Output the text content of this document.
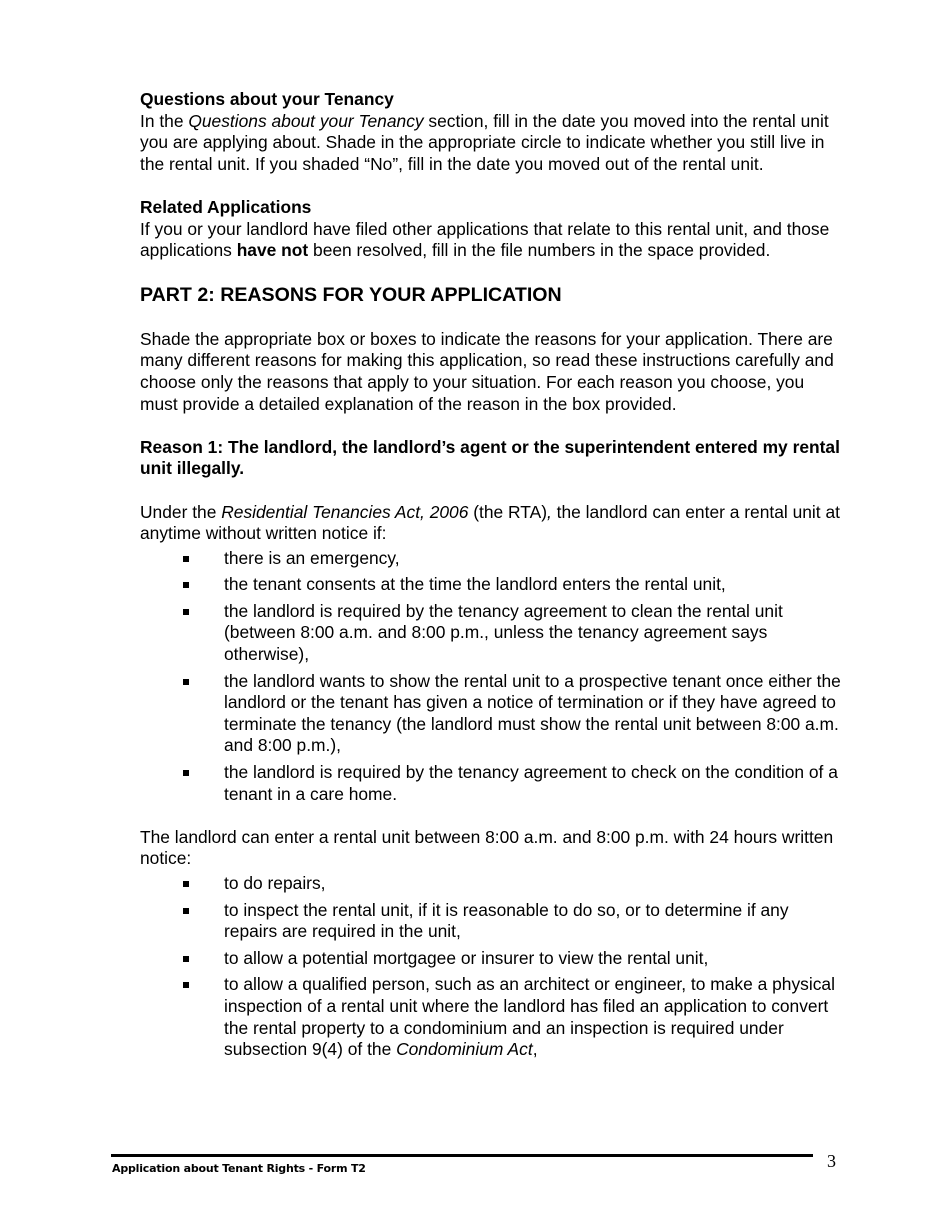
Questions about your Tenancy

In the Questions about your Tenancy section, fill in the date you moved into the rental unit you are applying about. Shade in the appropriate circle to indicate whether you still live in the rental unit. If you shaded “No”, fill in the date you moved out of the rental unit.

Related Applications

If you or your landlord have filed other applications that relate to this rental unit, and those applications have not been resolved, fill in the file numbers in the space provided.

PART 2: REASONS FOR YOUR APPLICATION

Shade the appropriate box or boxes to indicate the reasons for your application. There are many different reasons for making this application, so read these instructions carefully and choose only the reasons that apply to your situation. For each reason you choose, you must provide a detailed explanation of the reason in the box provided.

Reason 1: The landlord, the landlord’s agent or the superintendent entered my rental unit illegally.

Under the Residential Tenancies Act, 2006 (the RTA), the landlord can enter a rental unit at anytime without written notice if:

there is an emergency,
the tenant consents at the time the landlord enters the rental unit,
the landlord is required by the tenancy agreement to clean the rental unit (between 8:00 a.m. and 8:00 p.m., unless the tenancy agreement says otherwise),
the landlord wants to show the rental unit to a prospective tenant once either the landlord or the tenant has given a notice of termination or if they have agreed to terminate the tenancy (the landlord must show the rental unit between 8:00 a.m. and 8:00 p.m.),
the landlord is required by the tenancy agreement to check on the condition of a tenant in a care home.

The landlord can enter a rental unit between 8:00 a.m. and 8:00 p.m. with 24 hours written notice:

to do repairs,
to inspect the rental unit, if it is reasonable to do so, or to determine if any repairs are required in the unit,
to allow a potential mortgagee or insurer to view the rental unit,
to allow a qualified person, such as an architect or engineer, to make a physical inspection of a rental unit where the landlord has filed an application to convert the rental property to a condominium and an inspection is required under subsection 9(4) of the Condominium Act,
Application about Tenant Rights - Form T2	3
